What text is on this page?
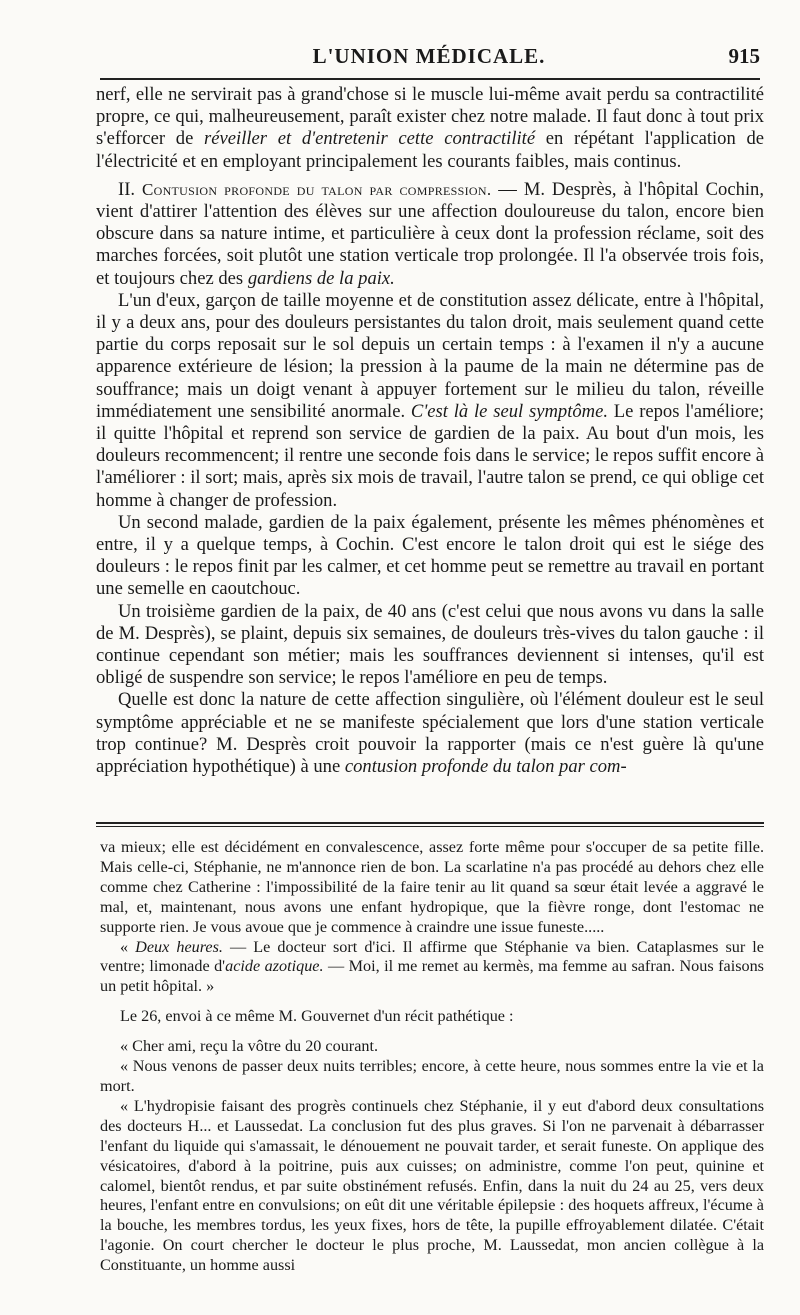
L'UNION MÉDICALE.	915

nerf, elle ne servirait pas à grand'chose si le muscle lui-même avait perdu sa contractilité propre, ce qui, malheureusement, paraît exister chez notre malade. Il faut donc à tout prix s'efforcer de réveiller et d'entretenir cette contractilité en répétant l'application de l'électricité et en employant principalement les courants faibles, mais continus.

II. Contusion profonde du talon par compression. — M. Desprès, à l'hôpital Cochin, vient d'attirer l'attention des élèves sur une affection douloureuse du talon, encore bien obscure dans sa nature intime, et particulière à ceux dont la profession réclame, soit des marches forcées, soit plutôt une station verticale trop prolongée. Il l'a observée trois fois, et toujours chez des gardiens de la paix.

L'un d'eux, garçon de taille moyenne et de constitution assez délicate, entre à l'hôpital, il y a deux ans, pour des douleurs persistantes du talon droit, mais seulement quand cette partie du corps reposait sur le sol depuis un certain temps : à l'examen il n'y a aucune apparence extérieure de lésion; la pression à la paume de la main ne détermine pas de souffrance; mais un doigt venant à appuyer fortement sur le milieu du talon, réveille immédiatement une sensibilité anormale. C'est là le seul symptôme. Le repos l'améliore; il quitte l'hôpital et reprend son service de gardien de la paix. Au bout d'un mois, les douleurs recommencent; il rentre une seconde fois dans le service; le repos suffit encore à l'améliorer : il sort; mais, après six mois de travail, l'autre talon se prend, ce qui oblige cet homme à changer de profession.

Un second malade, gardien de la paix également, présente les mêmes phénomènes et entre, il y a quelque temps, à Cochin. C'est encore le talon droit qui est le siége des douleurs : le repos finit par les calmer, et cet homme peut se remettre au travail en portant une semelle en caoutchouc.

Un troisième gardien de la paix, de 40 ans (c'est celui que nous avons vu dans la salle de M. Desprès), se plaint, depuis six semaines, de douleurs très-vives du talon gauche : il continue cependant son métier; mais les souffrances deviennent si intenses, qu'il est obligé de suspendre son service; le repos l'améliore en peu de temps.

Quelle est donc la nature de cette affection singulière, où l'élément douleur est le seul symptôme appréciable et ne se manifeste spécialement que lors d'une station verticale trop continue? M. Desprès croit pouvoir la rapporter (mais ce n'est guère là qu'une appréciation hypothétique) à une contusion profonde du talon par com-

va mieux; elle est décidément en convalescence, assez forte même pour s'occuper de sa petite fille. Mais celle-ci, Stéphanie, ne m'annonce rien de bon. La scarlatine n'a pas procédé au dehors chez elle comme chez Catherine : l'impossibilité de la faire tenir au lit quand sa sœur était levée a aggravé le mal, et, maintenant, nous avons une enfant hydropique, que la fièvre ronge, dont l'estomac ne supporte rien. Je vous avoue que je commence à craindre une issue funeste.....

« Deux heures. — Le docteur sort d'ici. Il affirme que Stéphanie va bien. Cataplasmes sur le ventre; limonade d'acide azotique. — Moi, il me remet au kermès, ma femme au safran. Nous faisons un petit hôpital. »

Le 26, envoi à ce même M. Gouvernet d'un récit pathétique :

« Cher ami, reçu la vôtre du 20 courant.

« Nous venons de passer deux nuits terribles; encore, à cette heure, nous sommes entre la vie et la mort.

« L'hydropisie faisant des progrès continuels chez Stéphanie, il y eut d'abord deux consultations des docteurs H... et Laussedat. La conclusion fut des plus graves. Si l'on ne parvenait à débarrasser l'enfant du liquide qui s'amassait, le dénouement ne pouvait tarder, et serait funeste. On applique des vésicatoires, d'abord à la poitrine, puis aux cuisses; on administre, comme l'on peut, quinine et calomel, bientôt rendus, et par suite obstinément refusés. Enfin, dans la nuit du 24 au 25, vers deux heures, l'enfant entre en convulsions; on eût dit une véritable épilepsie : des hoquets affreux, l'écume à la bouche, les membres tordus, les yeux fixes, hors de tête, la pupille effroyablement dilatée. C'était l'agonie. On court chercher le docteur le plus proche, M. Laussedat, mon ancien collègue à la Constituante, un homme aussi
